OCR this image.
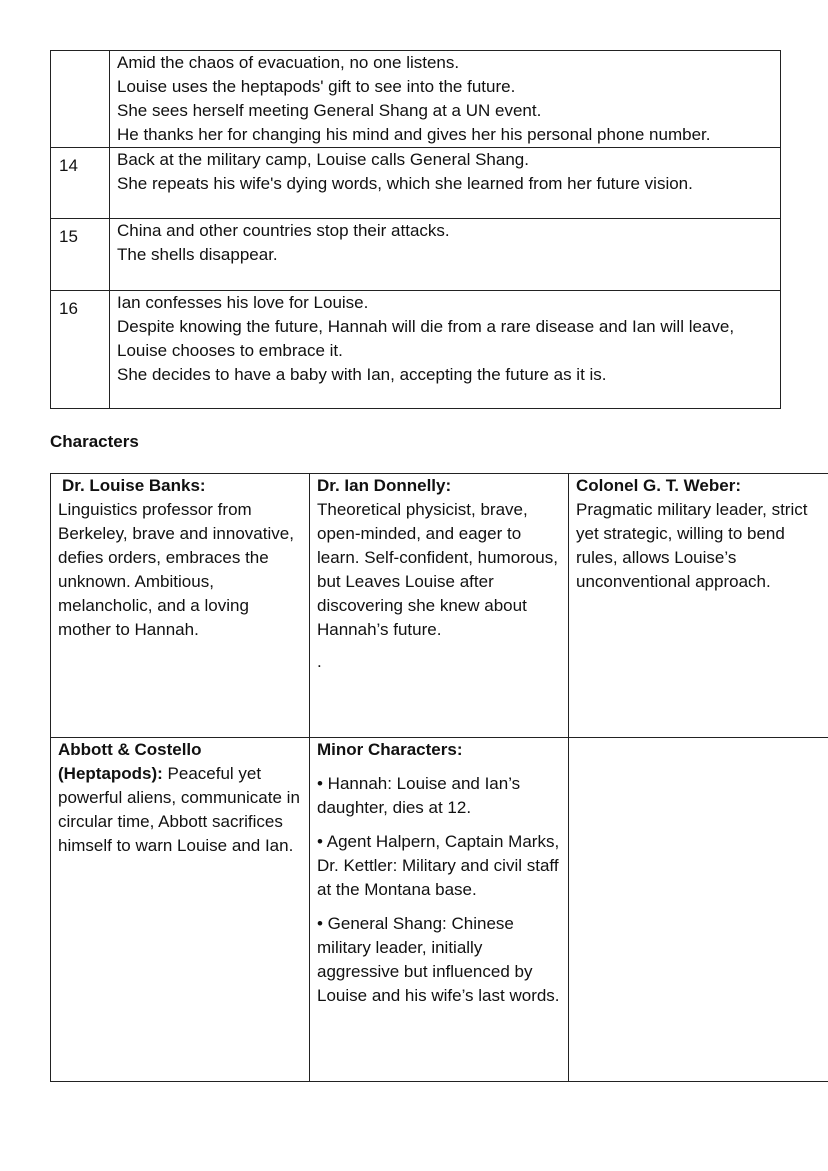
	Amid the chaos of evacuation, no one listens.
Louise uses the heptapods' gift to see into the future.
She sees herself meeting General Shang at a UN event.
He thanks her for changing his mind and gives her his personal phone number.

14	Back at the military camp, Louise calls General Shang.
She repeats his wife's dying words, which she learned from her future vision.

15	China and other countries stop their attacks.
The shells disappear.

16	Ian confesses his love for Louise.
Despite knowing the future, Hannah will die from a rare disease and Ian will leave, Louise chooses to embrace it.
She decides to have a baby with Ian, accepting the future as it is.
Characters
Dr. Louise Banks:
Linguistics professor from Berkeley, brave and innovative, defies orders, embraces the unknown. Ambitious, melancholic, and a loving mother to Hannah.	Dr. Ian Donnelly:
Theoretical physicist, brave, open-minded, and eager to learn. Self-confident, humorous, but Leaves Louise after discovering she knew about Hannah’s future.
.	Colonel G. T. Weber:
Pragmatic military leader, strict yet strategic, willing to bend rules, allows Louise’s unconventional approach.

Abbott & Costello (Heptapods): Peaceful yet powerful aliens, communicate in circular time, Abbott sacrifices himself to warn Louise and Ian.	Minor Characters:
• Hannah: Louise and Ian’s daughter, dies at 12.
• Agent Halpern, Captain Marks, Dr. Kettler: Military and civil staff at the Montana base.
• General Shang: Chinese military leader, initially aggressive but influenced by Louise and his wife’s last words.	
